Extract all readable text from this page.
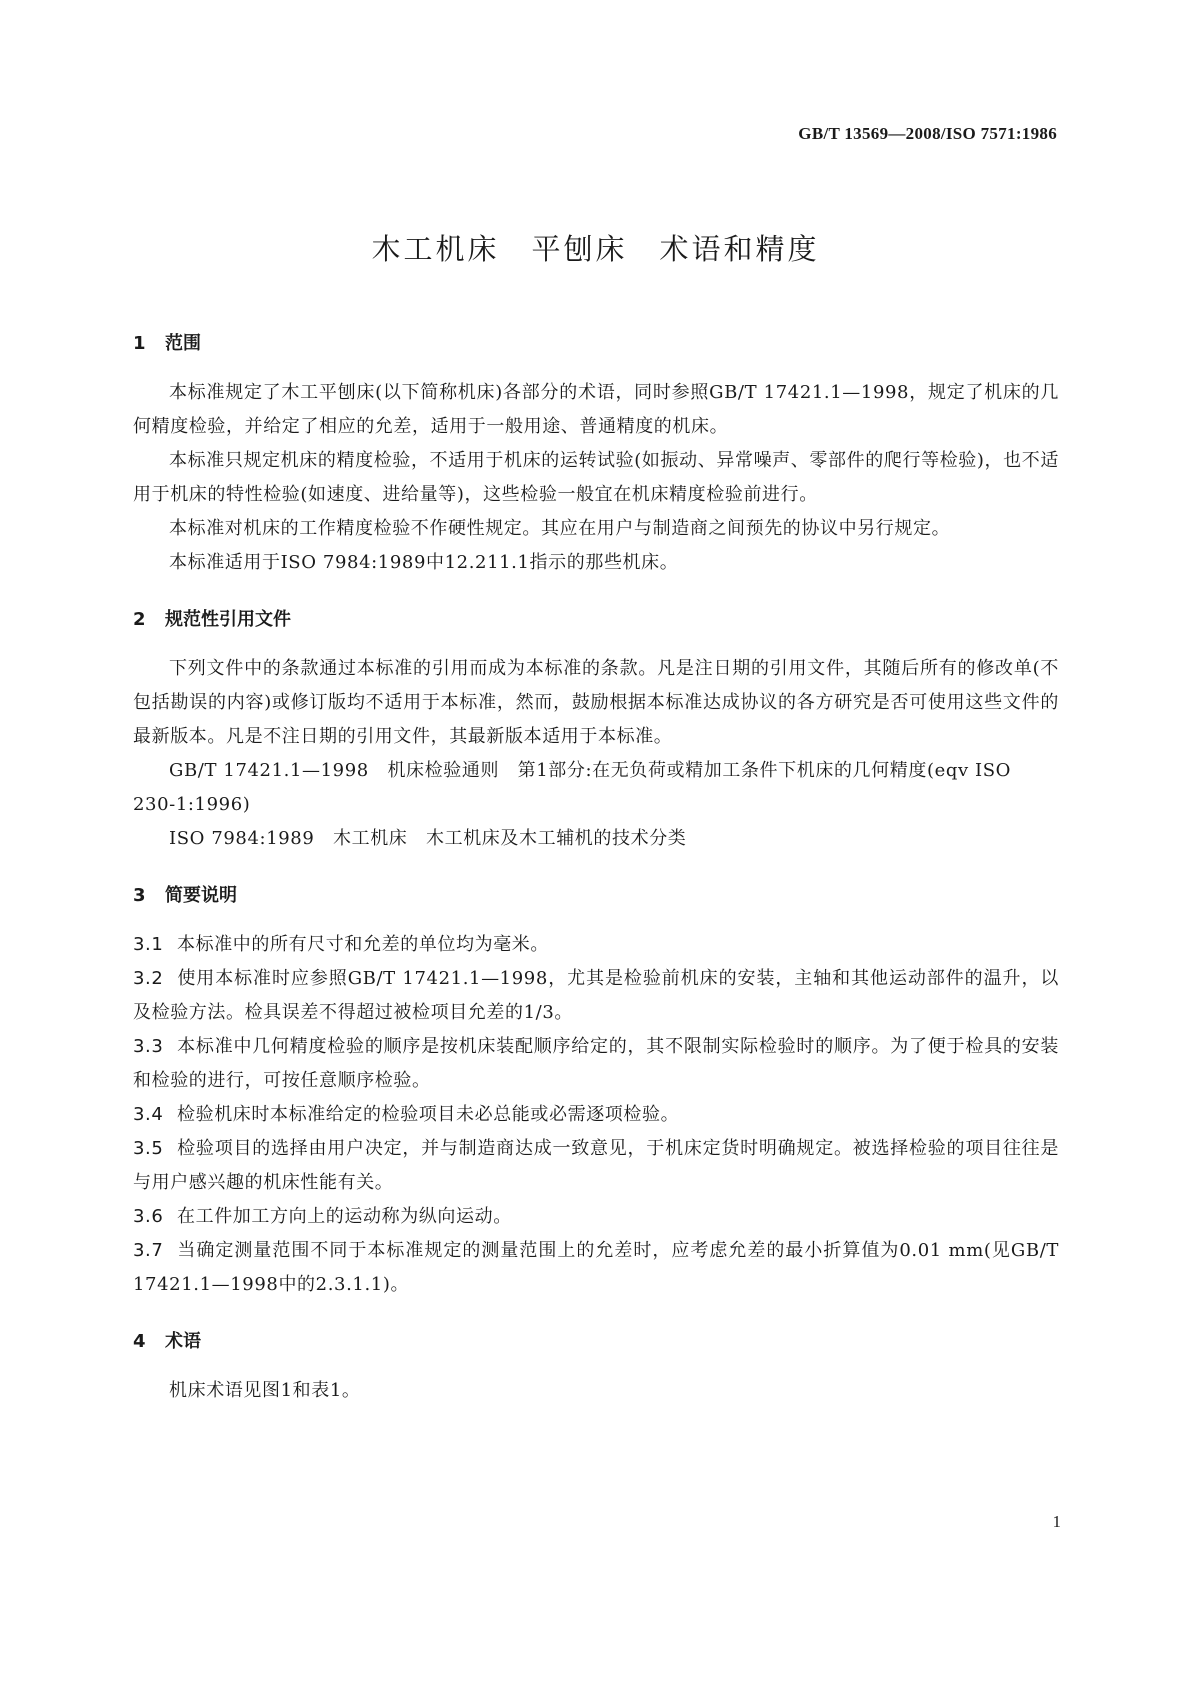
GB/T 13569—2008/ISO 7571:1986
木工机床　平刨床　术语和精度
1 范围

本标准规定了木工平刨床(以下简称机床)各部分的术语，同时参照GB/T 17421.1—1998，规定了机床的几何精度检验，并给定了相应的允差，适用于一般用途、普通精度的机床。

本标准只规定机床的精度检验，不适用于机床的运转试验(如振动、异常噪声、零部件的爬行等检验)，也不适用于机床的特性检验(如速度、进给量等)，这些检验一般宜在机床精度检验前进行。

本标准对机床的工作精度检验不作硬性规定。其应在用户与制造商之间预先的协议中另行规定。

本标准适用于ISO 7984:1989中12.211.1指示的那些机床。

2 规范性引用文件

下列文件中的条款通过本标准的引用而成为本标准的条款。凡是注日期的引用文件，其随后所有的修改单(不包括勘误的内容)或修订版均不适用于本标准，然而，鼓励根据本标准达成协议的各方研究是否可使用这些文件的最新版本。凡是不注日期的引用文件，其最新版本适用于本标准。

GB/T 17421.1—1998　机床检验通则　第1部分:在无负荷或精加工条件下机床的几何精度(eqv ISO 230-1:1996)

ISO 7984:1989　木工机床　木工机床及木工辅机的技术分类

3 简要说明

3.1 本标准中的所有尺寸和允差的单位均为毫米。

3.2 使用本标准时应参照GB/T 17421.1—1998，尤其是检验前机床的安装，主轴和其他运动部件的温升，以及检验方法。检具误差不得超过被检项目允差的1/3。

3.3 本标准中几何精度检验的顺序是按机床装配顺序给定的，其不限制实际检验时的顺序。为了便于检具的安装和检验的进行，可按任意顺序检验。

3.4 检验机床时本标准给定的检验项目未必总能或必需逐项检验。

3.5 检验项目的选择由用户决定，并与制造商达成一致意见，于机床定货时明确规定。被选择检验的项目往往是与用户感兴趣的机床性能有关。

3.6 在工件加工方向上的运动称为纵向运动。

3.7 当确定测量范围不同于本标准规定的测量范围上的允差时，应考虑允差的最小折算值为0.01 mm(见GB/T 17421.1—1998中的2.3.1.1)。

4 术语

机床术语见图1和表1。

1
